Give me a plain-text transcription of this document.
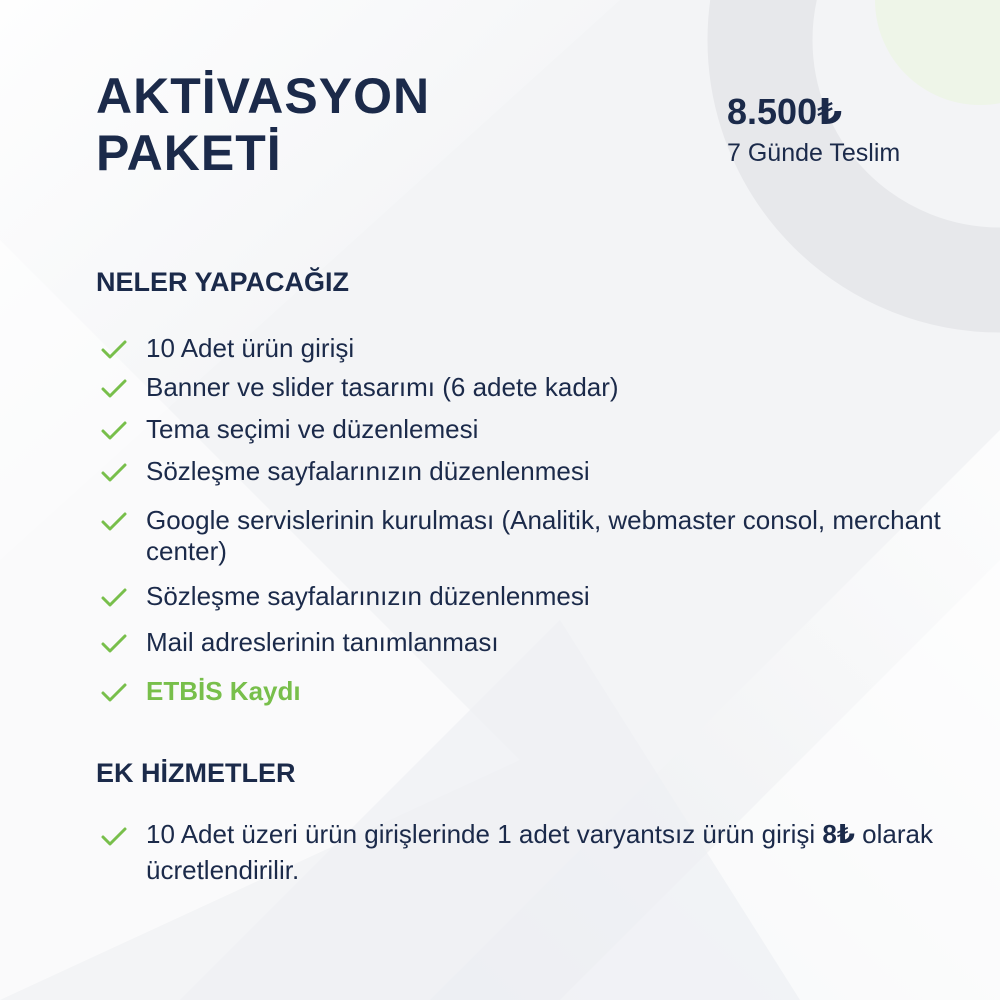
AKTİVASYON
PAKETİ
8.500₺
7 Günde Teslim
NELER YAPACAĞIZ
10 Adet ürün girişi
Banner ve slider tasarımı (6 adete kadar)
Tema seçimi ve düzenlemesi
Sözleşme sayfalarınızın düzenlenmesi
Google servislerinin kurulması (Analitik, webmaster consol, merchant center)
Sözleşme sayfalarınızın düzenlenmesi
Mail adreslerinin tanımlanması
ETBİS Kaydı
EK HİZMETLER
10 Adet üzeri ürün girişlerinde 1 adet varyantsız ürün girişi 8₺ olarak ücretlendirilir.
